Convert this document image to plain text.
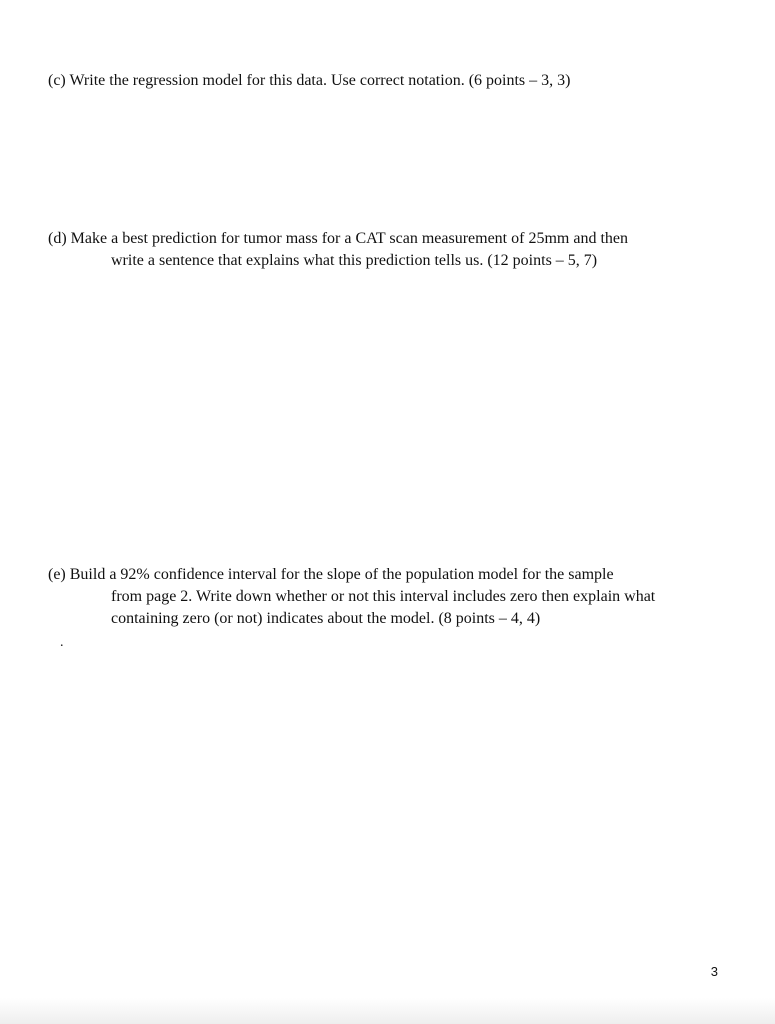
(c) Write the regression model for this data. Use correct notation. (6 points – 3, 3)
(d) Make a best prediction for tumor mass for a CAT scan measurement of 25mm and then
write a sentence that explains what this prediction tells us. (12 points – 5, 7)
(e) Build a 92% confidence interval for the slope of the population model for the sample
from page 2. Write down whether or not this interval includes zero then explain what
containing zero (or not) indicates about the model. (8 points – 4, 4)
.
3
